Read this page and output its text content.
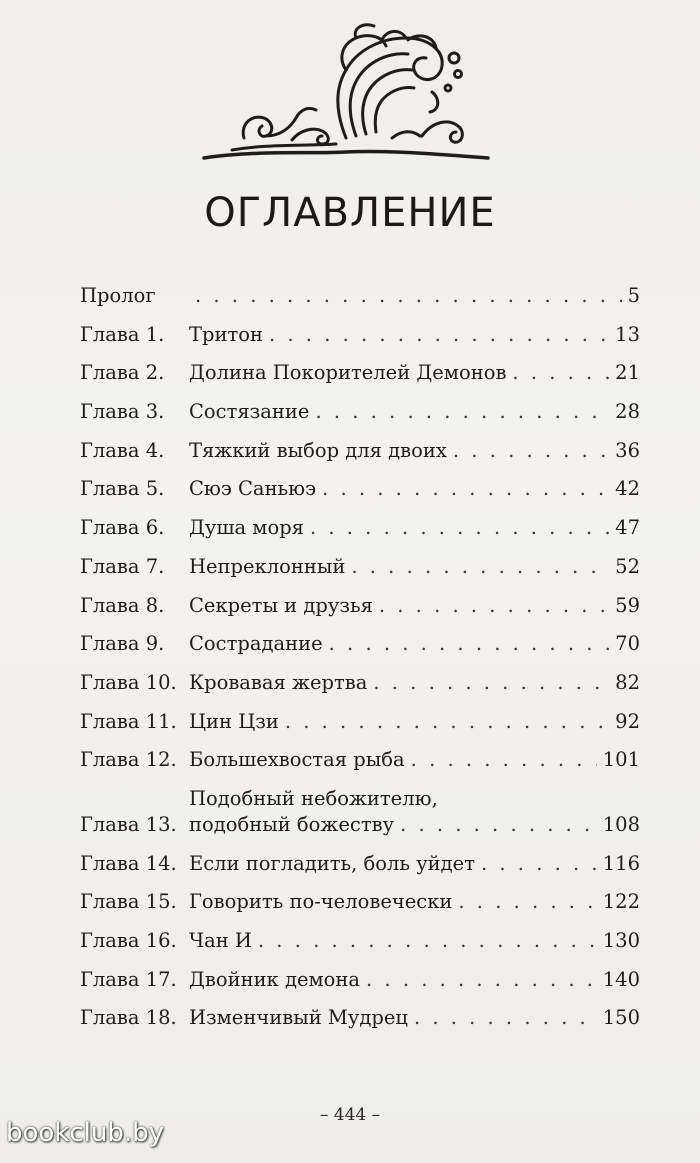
ОГЛАВЛЕНИЕ
Пролог . . .	5
Глава 1.	Тритон . . .	13
Глава 2.	Долина Покорителей Демонов . . .	21
Глава 3.	Состязание . . .	28
Глава 4.	Тяжкий выбор для двоих . . .	36
Глава 5.	Сюэ Саньюэ . . .	42
Глава 6.	Душа моря . . .	47
Глава 7.	Непреклонный . . .	52
Глава 8.	Секреты и друзья . . .	59
Глава 9.	Сострадание . . .	70
Глава 10. Кровавая жертва . . .	82
Глава 11. Цин Цзи . . .	92
Глава 12. Большехвостая рыба . . .	101
Глава 13.
Подобный небожителю,
подобный божеству . . .	108
Глава 14. Если погладить, боль уйдет . . .	116
Глава 15. Говорить по-человечески . . .	122
Глава 16. Чан И . . .	130
Глава 17. Двойник демона . . .	140
Глава 18. Изменчивый Мудрец . . .	150
– 444 –
bookclub.by
